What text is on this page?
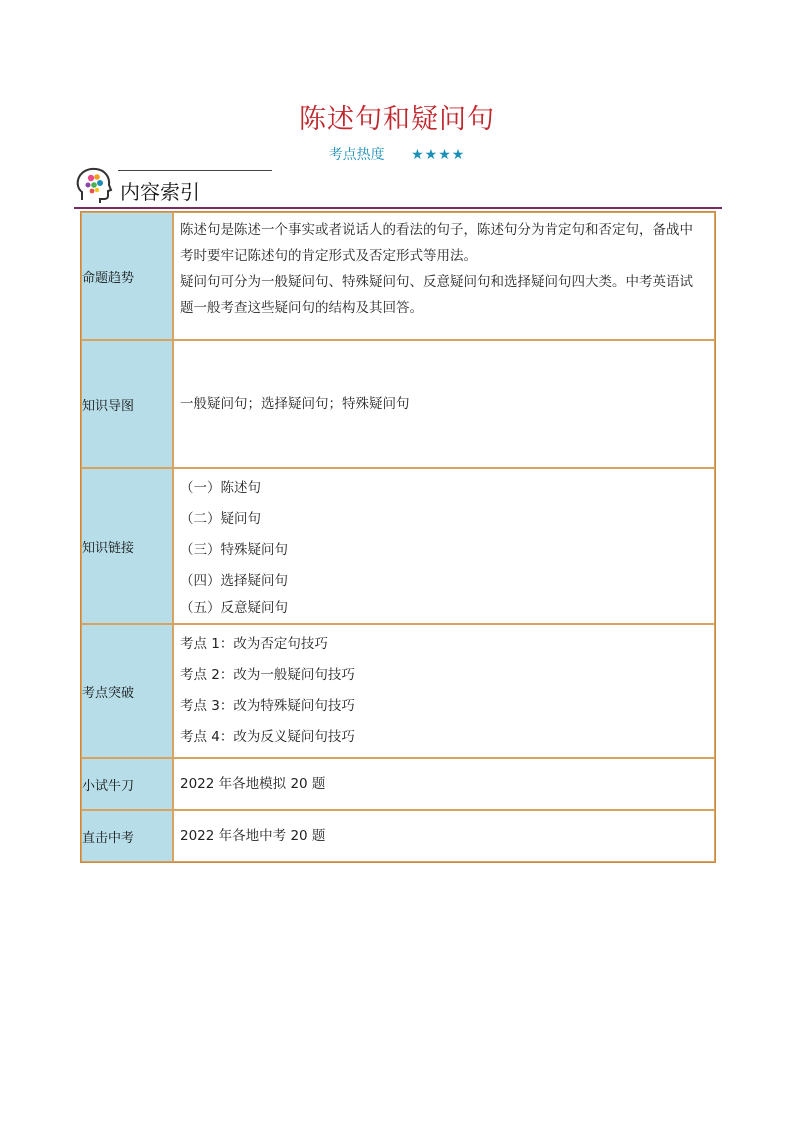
陈述句和疑问句
考点热度 ★★★★
内容索引
命题趋势	陈述句是陈述一个事实或者说话人的看法的句子，陈述句分为肯定句和否定句，备战中
考时要牢记陈述句的肯定形式及否定形式等用法。
疑问句可分为一般疑问句、特殊疑问句、反意疑问句和选择疑问句四大类。中考英语试
题一般考查这些疑问句的结构及其回答。

知识导图	一般疑问句；选择疑问句；特殊疑问句
知识链接	（一）陈述句
（二）疑问句
（三）特殊疑问句
（四）选择疑问句
（五）反意疑问句

考点突破	考点 1：改为否定句技巧
考点 2：改为一般疑问句技巧
考点 3：改为特殊疑问句技巧
考点 4：改为反义疑问句技巧

小试牛刀	2022 年各地模拟 20 题
直击中考	2022 年各地中考 20 题
